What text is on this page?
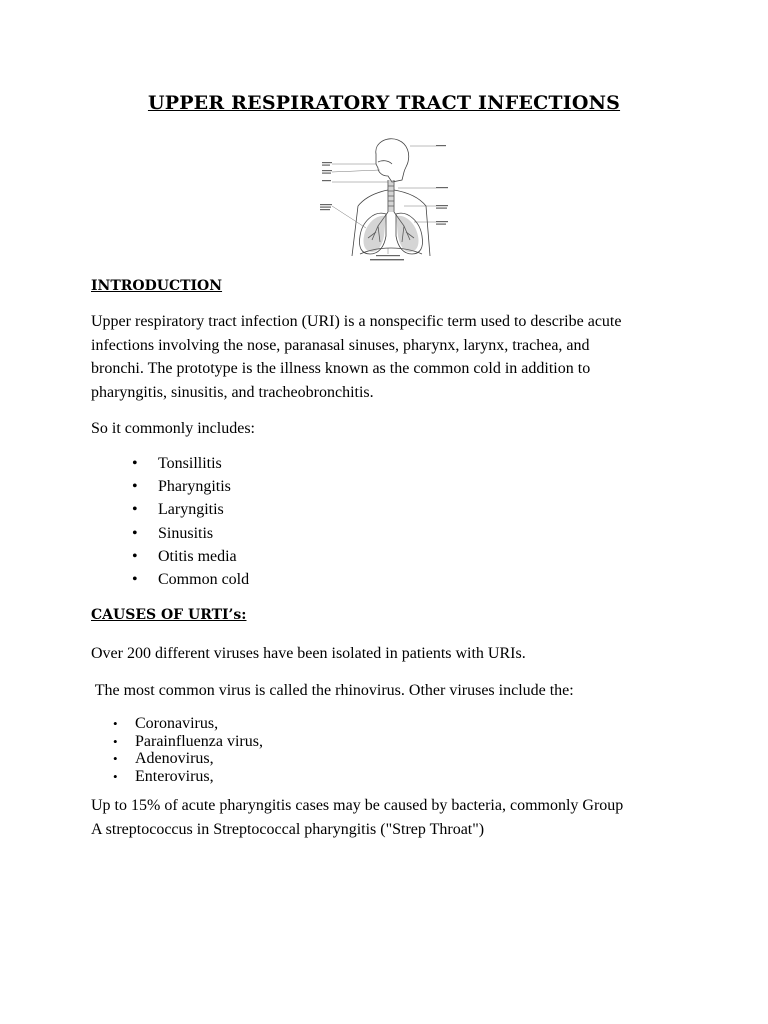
UPPER RESPIRATORY TRACT INFECTIONS
INTRODUCTION

Upper respiratory tract infection (URI) is a nonspecific term used to describe acute
infections involving the nose, paranasal sinuses, pharynx, larynx, trachea, and
bronchi. The prototype is the illness known as the common cold in addition to
pharyngitis, sinusitis, and tracheobronchitis.

So it commonly includes:

• Tonsillitis
• Pharyngitis
• Laryngitis
• Sinusitis
• Otitis media
• Common cold
CAUSES OF URTI’s:

Over 200 different viruses have been isolated in patients with URIs.

The most common virus is called the rhinovirus. Other viruses include the:

• Coronavirus,
• Parainfluenza virus,
• Adenovirus,
• Enterovirus,

Up to 15% of acute pharyngitis cases may be caused by bacteria, commonly Group
A streptococcus in Streptococcal pharyngitis ("Strep Throat")
